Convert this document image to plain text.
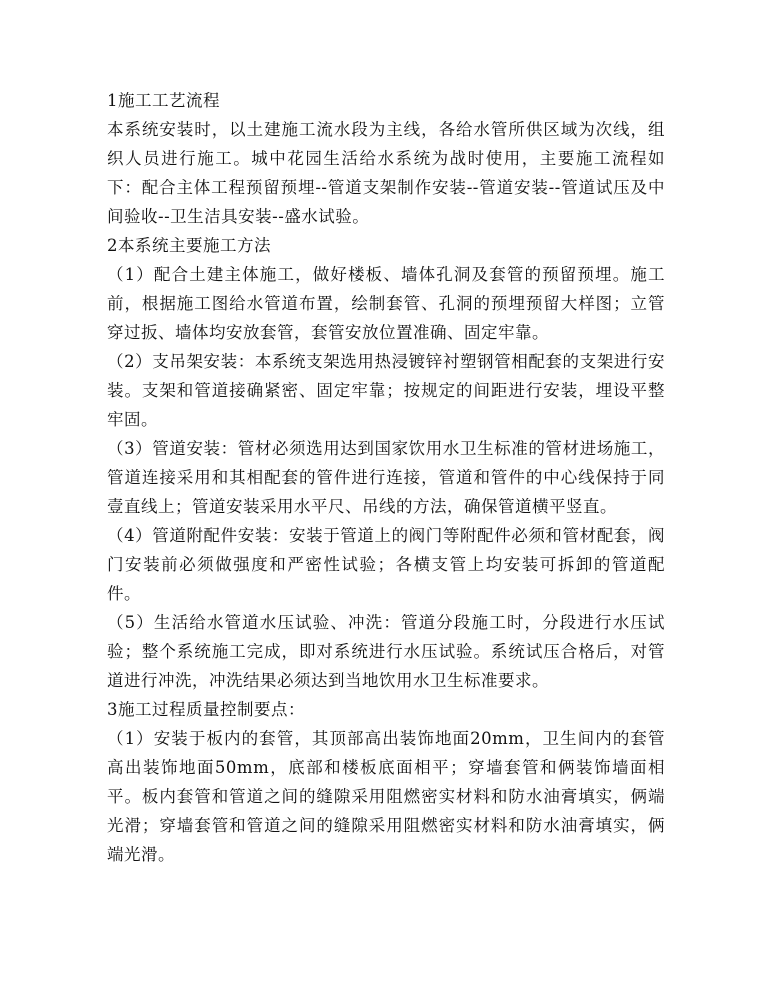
1施工工艺流程

本系统安装时，以土建施工流水段为主线，各给水管所供区域为次线，组织人员进行施工。城中花园生活给水系统为战时使用，主要施工流程如下：配合主体工程预留预埋--管道支架制作安装--管道安装--管道试压及中间验收--卫生洁具安装--盛水试验。

2本系统主要施工方法

（1）配合土建主体施工，做好楼板、墙体孔洞及套管的预留预埋。施工前，根据施工图给水管道布置，绘制套管、孔洞的预埋预留大样图；立管穿过扳、墙体均安放套管，套管安放位置准确、固定牢靠。

（2）支吊架安装：本系统支架选用热浸镀锌衬塑钢管相配套的支架进行安装。支架和管道接确紧密、固定牢靠；按规定的间距进行安装，埋设平整牢固。

（3）管道安装：管材必须选用达到国家饮用水卫生标准的管材进场施工，管道连接采用和其相配套的管件进行连接，管道和管件的中心线保持于同壹直线上；管道安装采用水平尺、吊线的方法，确保管道横平竖直。

（4）管道附配件安装：安装于管道上的阀门等附配件必须和管材配套，阀门安装前必须做强度和严密性试验；各横支管上均安装可拆卸的管道配件。

（5）生活给水管道水压试验、冲洗：管道分段施工时，分段进行水压试验；整个系统施工完成，即对系统进行水压试验。系统试压合格后，对管道进行冲洗，冲洗结果必须达到当地饮用水卫生标准要求。

3施工过程质量控制要点：

（1）安装于板内的套管，其顶部高出装饰地面20mm，卫生间内的套管高出装饰地面50mm，底部和楼板底面相平；穿墙套管和俩装饰墙面相平。板内套管和管道之间的缝隙采用阻燃密实材料和防水油膏填实，俩端光滑；穿墙套管和管道之间的缝隙采用阻燃密实材料和防水油膏填实，俩端光滑。
